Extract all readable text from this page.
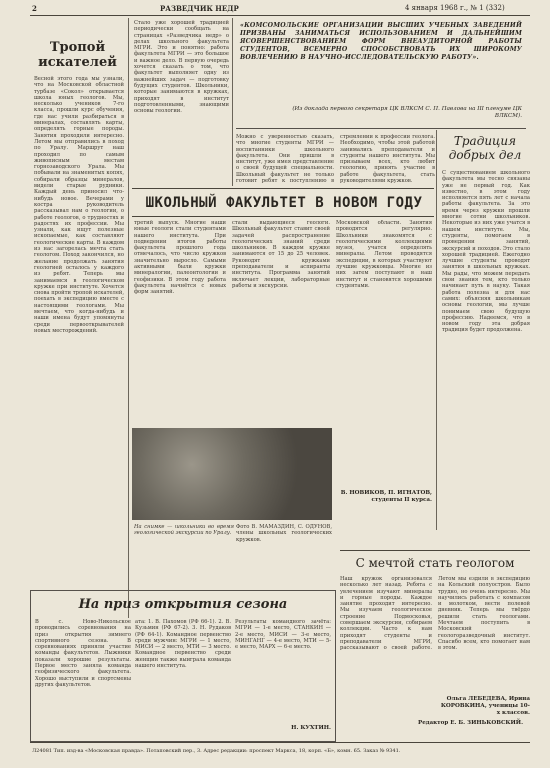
2	РАЗВЕДЧИК НЕДР	4 января 1968 г., № 1 (332)
Тропой искателей
Весной этого года мы узнали, что на Московской областной турбазе «Сокол» открывается школа юных геологов. Мы, несколько учеников 7-го класса, прошли курс обучения, где нас учили разбираться в минералах, составлять карты, определять горные породы. Занятия проходили интересно. Летом мы отправились в поход по Уралу. Маршрут наш проходил по самым живописным местам горнозаводского Урала. Мы побывали на знаменитых копях, собирали образцы минералов, видели старые рудники. Каждый день приносил что-нибудь новое. Вечерами у костра руководитель рассказывал нам о геологии, о работе геологов, о трудностях и радостях их профессии. Мы узнали, как ищут полезные ископаемые, как составляют геологические карты. В каждом из нас загорелась мечта стать геологом. Поход закончился, но желание продолжать занятия геологией осталось у каждого из ребят. Теперь мы занимаемся в геологическом кружке при институте. Хочется снова пройти тропой искателей, поехать в экспедицию вместе с настоящими геологами. Мы мечтаем, что когда-нибудь и наши имена будут упомянуты среди первооткрывателей новых месторождений.
Стало уже хорошей традицией периодически сообщать на страницах «Разведчика недр» о делах школьного факультета МГРИ. Это и понятно: работа факультета МГРИ — это большое и важное дело. В первую очередь хочется сказать о том, что факультет выполняет одну из важнейших задач — подготовку будущих студентов. Школьники, которые занимаются в кружках, приходят в институт подготовленными, знающими основы геологии.
Можно с уверенностью сказать, что многие студенты МГРИ — воспитанники школьного факультета. Они пришли в институт, уже имея представление о своей будущей специальности. Школьный факультет не только готовит ребят к поступлению в
стремлении к профессии геолога. Необходимо, чтобы этой работой занимались преподаватели и студенты нашего института. Мы призываем всех, кто любит геологию, принять участие в работе факультета, стать руководителями кружков.
«КОМСОМОЛЬСКИЕ ОРГАНИЗАЦИИ ВЫСШИХ УЧЕБНЫХ ЗАВЕДЕНИЙ ПРИЗВАНЫ ЗАНИМАТЬСЯ ИСПОЛЬЗОВАНИЕМ И ДАЛЬНЕЙШИМ ЯСОВЕРШЕНСТВОВАНИЕМ ФОРМ ВНЕАУДИТОРНОЙ РАБОТЫ СТУДЕНТОВ, ВСЕМЕРНО СПОСОБСТВОВАТЬ ИХ ШИРОКОМУ ВОВЛЕЧЕНИЮ В НАУЧНО-ИССЛЕДОВАТЕЛЬСКУЮ РАБОТУ».
(Из доклада первого секретаря ЦК ВЛКСМ С. П. Павлова на III пленуме ЦК ВЛКСМ).
Традиция добрых дел
С существованием школьного факультета мы тесно связаны уже не первый год. Как известно, в этом году исполняется пять лет с начала работы факультета. За это время через кружки прошли многие сотни школьников. Некоторые из них уже учатся в нашем институте. Мы, студенты, помогаем в проведении занятий, экскурсий и походов. Это стало хорошей традицией. Ежегодно лучшие студенты проводят занятия в школьных кружках. Мы рады, что можем передать свои знания тем, кто только начинает путь в науку. Такая работа полезна и для нас самих: объясняя школьникам основы геологии, мы лучше понимаем свою будущую профессию. Надеемся, что в новом году эта добрая традиция будет продолжена.
ШКОЛЬНЫЙ ФАКУЛЬТЕТ В НОВОМ ГОДУ
третий выпуск. Многие наши юные геологи стали студентами нашего института. При подведении итогов работы факультета прошлого года отмечалось, что число кружков значительно выросло. Самыми активными были кружки минералогии, палеонтологии и геофизики. В этом году работа факультета начнётся с новых форм занятий.
стали выдающиеся геологи. Школьный факультет ставит своей задачей распространение геологических знаний среди школьников. В каждом кружке занимаются от 15 до 25 человек. Руководят кружками преподаватели и аспиранты института. Программа занятий включает лекции, лабораторные работы и экскурсии.
Московской области. Занятия проводятся регулярно. Школьники знакомятся с геологическими коллекциями музея, учатся определять минералы. Летом проводятся экспедиции, в которых участвуют лучшие кружковцы. Многие из них затем поступают в наш институт и становятся хорошими студентами.
На снимке — школьники во время геологической экскурсии по Уралу.
Фото В. МАМАЗДИН, С. ОДУНОВ, члены школьных геологических кружков.
В. НОВИКОВ, П. ИГНАТОВ, студенты II курса.
С мечтой стать геологом
Наш кружок организовался несколько лет назад. Ребята с увлечением изучают минералы и горные породы. Каждое занятие проходит интересно. Мы изучаем геологическое строение Подмосковья, совершаем экскурсии, собираем коллекции. Часто к нам приходят студенты и преподаватели МГРИ, рассказывают о своей работе. Летом мы ездили в экспедицию на Кольский полуостров. Было трудно, но очень интересно. Мы научились работать с компасом и молотком, вести полевой дневник. Теперь мы твёрдо решили стать геологами. Мечтаем поступить в Московский геологоразведочный институт. Спасибо всем, кто помогает нам в этом.
Ольга ЛЕБЕДЕВА, Ирина КОРОВКИНА, ученицы 10-х классов.
На приз открытия сезона
В с. Ново-Никольское проводились соревнования на приз открытия зимнего спортивного сезона. В соревнованиях приняли участие команды факультетов. Лыжники показали хорошие результаты. Первое место заняла команда геофизического факультета. Хорошо выступили и спортсмены других факультетов.
ата: 1. В. Пахомов (РФ 66-1). 2. В. Кузьмин (РФ 67-2). 3. Н. Рудаков (РФ 64-1). Командное первенство среди мужчин: МГРИ — 1 место, МИСИ — 2 место, МТИ — 3 место. Командное первенство среди женщин также выиграла команда нашего института.
Результаты командного зачёта: МГРИ — 1-е место, СТАНКИН — 2-е место, МИСИ — 3-е место, МИНГАНГ — 4-е место, МТИ — 5-е место, МАРХ — 6-е место.
Н. КУХТИН.
Редактор Е. Б. ЗИНЬКОВСКИЙ.
Л24081 Тип. изд-ва «Московская правда». Потаповский пер., 3. Адрес редакции: проспект Маркса, 18, корп. «Б», комн. 65. Заказ № 9341.
